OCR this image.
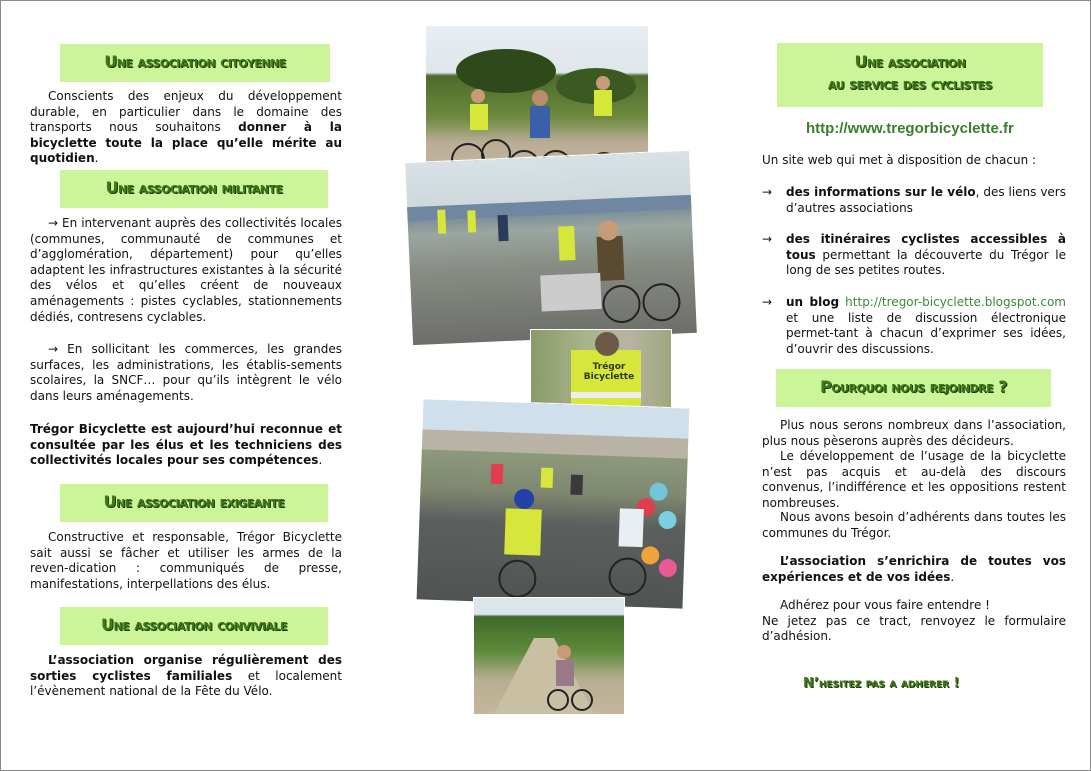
Une association citoyenne

Conscients des enjeux du développement durable, en particulier dans le domaine des transports nous souhaitons donner à la bicyclette toute la place qu’elle mérite au quotidien.

Une association militante

→ En intervenant auprès des collectivités locales (communes, communauté de communes et d’agglomération, département) pour qu’elles adaptent les infrastructures existantes à la sécurité des vélos et qu’elles créent de nouveaux aménagements : pistes cyclables, stationnements dédiés, contresens cyclables.

→ En sollicitant les commerces, les grandes surfaces, les administrations, les établis-sements scolaires, la SNCF… pour qu’ils intègrent le vélo dans leurs aménagements.

Trégor Bicyclette est aujourd’hui reconnue et consultée par les élus et les techniciens des collectivités locales pour ses compétences.

Une association exigeante

Constructive et responsable, Trégor Bicyclette sait aussi se fâcher et utiliser les armes de la reven-dication : communiqués de presse, manifestations, interpellations des élus.

Une association conviviale

L’association organise régulièrement des sorties cyclistes familiales et localement l’évènement national de la Fête du Vélo.

Trégor Bicyclette
Une association
au service des cyclistes
http://www.tregorbicyclette.fr
Un site web qui met à disposition de chacun :
→ des informations sur le vélo, des liens vers d’autres associations
→ des itinéraires cyclistes accessibles à tous permettant la découverte du Trégor le long de ses petites routes.
→ un blog http://tregor-bicyclette.blogspot.com et une liste de discussion électronique permet-tant à chacun d’exprimer ses idées, d’ouvrir des discussions.
Pourquoi nous rejoindre ?

Plus nous serons nombreux dans l’association, plus nous pèserons auprès des décideurs.

Le développement de l’usage de la bicyclette n’est pas acquis et au-delà des discours convenus, l’indifférence et les oppositions restent nombreuses.

Nous avons besoin d’adhérents dans toutes les communes du Trégor.

L’association s’enrichira de toutes vos expériences et de vos idées.

Adhérez pour vous faire entendre !

Ne jetez pas ce tract, renvoyez le formulaire d’adhésion.

N’hesitez pas a adherer !
